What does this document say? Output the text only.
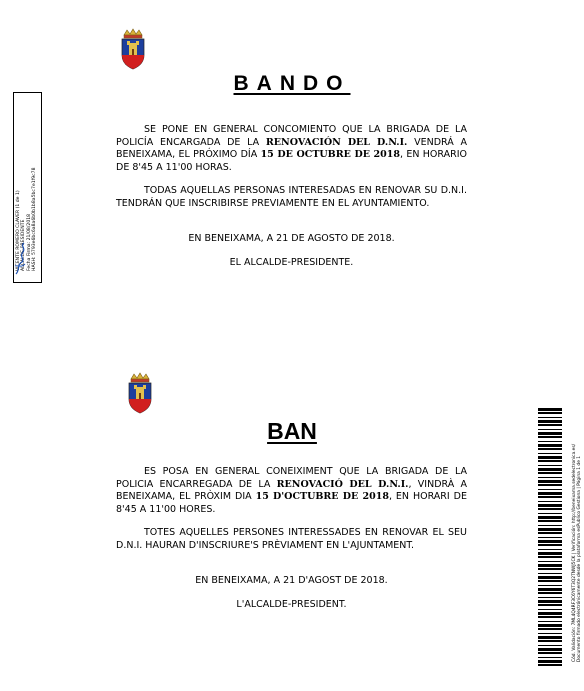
VICENTE ROMERO CLAVER (1 de 1) ALCALDE-PRESIDENTE Fecha Firma: 21/08/2018 HASH: 5793e6bc6a8a6b0b1b8a5bc7e1f9c78
BANDO
SE PONE EN GENERAL CONCOMIENTO QUE LA BRIGADA DE LA POLICÍA ENCARGADA DE LA RENOVACIÓN DEL D.N.I. VENDRÁ A BENEIXAMA, EL PRÓXIMO DÍA 15 DE OCTUBRE DE 2018, EN HORARIO DE 8'45 A 11'00 HORAS.
TODAS AQUELLAS PERSONAS INTERESADAS EN RENOVAR SU D.N.I. TENDRÁN QUE INSCRIBIRSE PREVIAMENTE EN EL AYUNTAMIENTO.
EN BENEIXAMA, A 21 DE AGOSTO DE 2018.
EL ALCALDE-PRESIDENTE.
BAN
ES POSA EN GENERAL CONEIXIMENT QUE LA BRIGADA DE LA POLICIA ENCARREGADA DE LA RENOVACIÓ DEL D.N.I., VINDRÀ A BENEIXAMA, EL PRÒXIM DIA 15 D'OCTUBRE DE 2018, EN HORARI DE 8'45 A 11'00 HORES.
TOTES AQUELLES PERSONES INTERESSADES EN RENOVAR EL SEU D.N.I. HAURAN D'INSCRIURE'S PRÈVIAMENT EN L'AJUNTAMENT.
EN BENEIXAMA, A 21 D'AGOST DE 2018.
L'ALCALDE-PRESIDENT.	Cód. Validación: 7ML4Q4RF3C6Y6T3Q2TNWJ5CK | Verificación: http://beneixama.sedelectronica.es/ Documento firmado electrónicamente desde la plataforma esPublico Gestiona | Página 1 de 1
